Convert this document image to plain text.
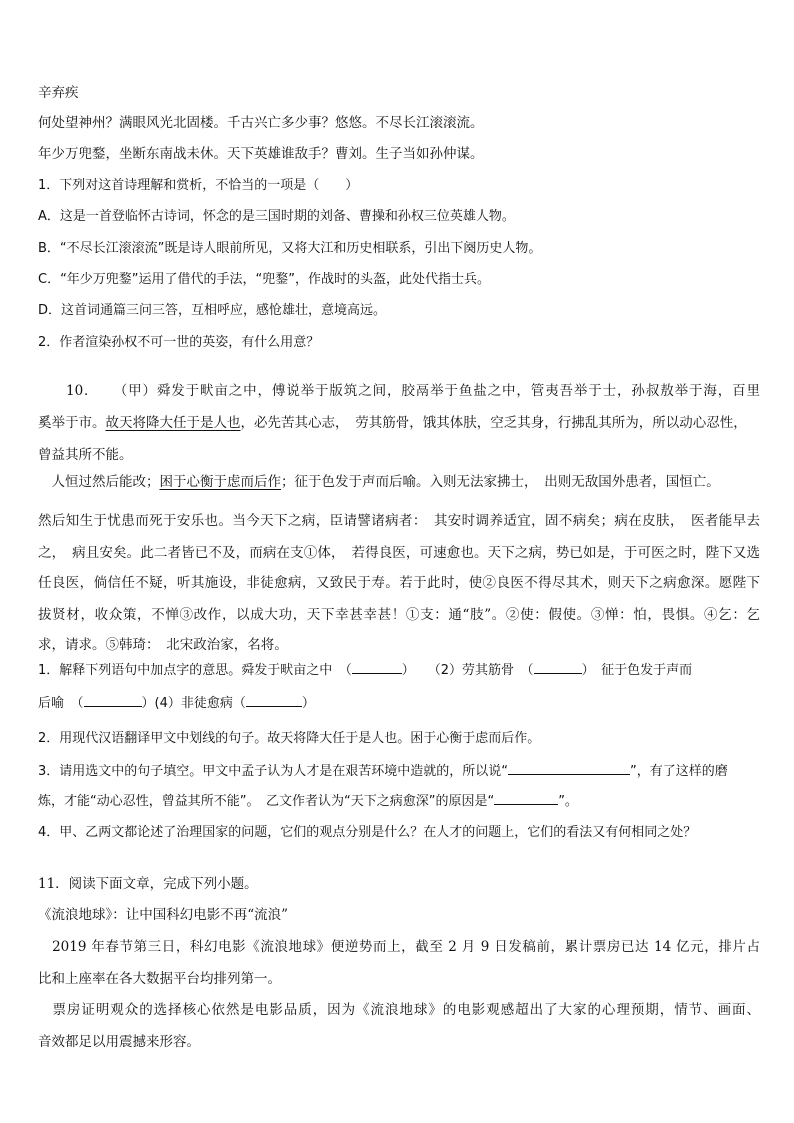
辛弃疾
何处望神州？满眼风光北固楼。千古兴亡多少事？悠悠。不尽长江滚滚流。
年少万兜鍪，坐断东南战未休。天下英雄谁敌手？曹刘。生子当如孙仲谋。
1．下列对这首诗理解和赏析，不恰当的一项是（　　）
A．这是一首登临怀古诗词，怀念的是三国时期的刘备、曹操和孙权三位英雄人物。
B．“不尽长江滚滚流”既是诗人眼前所见，又将大江和历史相联系，引出下阕历史人物。
C．“年少万兜鍪”运用了借代的手法，“兜鍪”，作战时的头盔，此处代指士兵。
D．这首词通篇三问三答，互相呼应，感怆雄壮，意境高远。
2．作者渲染孙权不可一世的英姿，有什么用意？
10．　　（甲）舜发于畎亩之中，傅说举于版筑之间，胶鬲举于鱼盐之中，管夷吾举于士，孙叔敖举于海，百里
奚举于市。故天将降大任于是人也，必先苦其心志，　劳其筋骨，饿其体肤，空乏其身，行拂乱其所为，所以动心忍性，
曾益其所不能。
　人恒过然后能改；困于心衡于虑而后作；征于色发于声而后喻。入则无法家拂士，　出则无敌国外患者，国恒亡。
然后知生于忧患而死于安乐也。当今天下之病，臣请譬诸病者：　其安时调养适宜，固不病矣；病在皮肤，　医者能早去
之，　病且安矣。此二者皆已不及，而病在支①体，　若得良医，可速愈也。天下之病，势已如是，于可医之时，陛下又选
任良医，倘信任不疑，听其施设，非徒愈病，又致民于寿。若于此时，使②良医不得尽其术，则天下之病愈深。愿陛下
拔贤材，收众策，不惮③改作，以成大功，天下幸甚幸甚！①支：通“肢”。②使：假使。③惮：怕，畏惧。④乞：乞
求，请求。⑤韩琦：　北宋政治家，名将。
1．解释下列语句中加点字的意思。舜发于畎亩之中　（	）　　（2）劳其筋骨　（	）　征于色发于声而
后喻　（	）(4）非徒愈病（	）
2．用现代汉语翻译甲文中划线的句子。故天将降大任于是人也。困于心衡于虑而后作。
3．请用选文中的句子填空。甲文中孟子认为人才是在艰苦环境中造就的，所以说“	”，有了这样的磨
炼，才能“动心忍性，曾益其所不能”。　乙文作者认为“天下之病愈深”的原因是“	”。
4．甲、乙两文都论述了治理国家的问题，它们的观点分别是什么？在人才的问题上，它们的看法又有何相同之处？
11．阅读下面文章，完成下列小题。
《流浪地球》：让中国科幻电影不再“流浪”
　2019 年春节第三日，科幻电影《流浪地球》便逆势而上，截至 2 月 9 日发稿前，累计票房已达 14 亿元，排片占
比和上座率在各大数据平台均排列第一。
　票房证明观众的选择核心依然是电影品质，因为《流浪地球》的电影观感超出了大家的心理预期，情节、画面、
音效都足以用震撼来形容。
